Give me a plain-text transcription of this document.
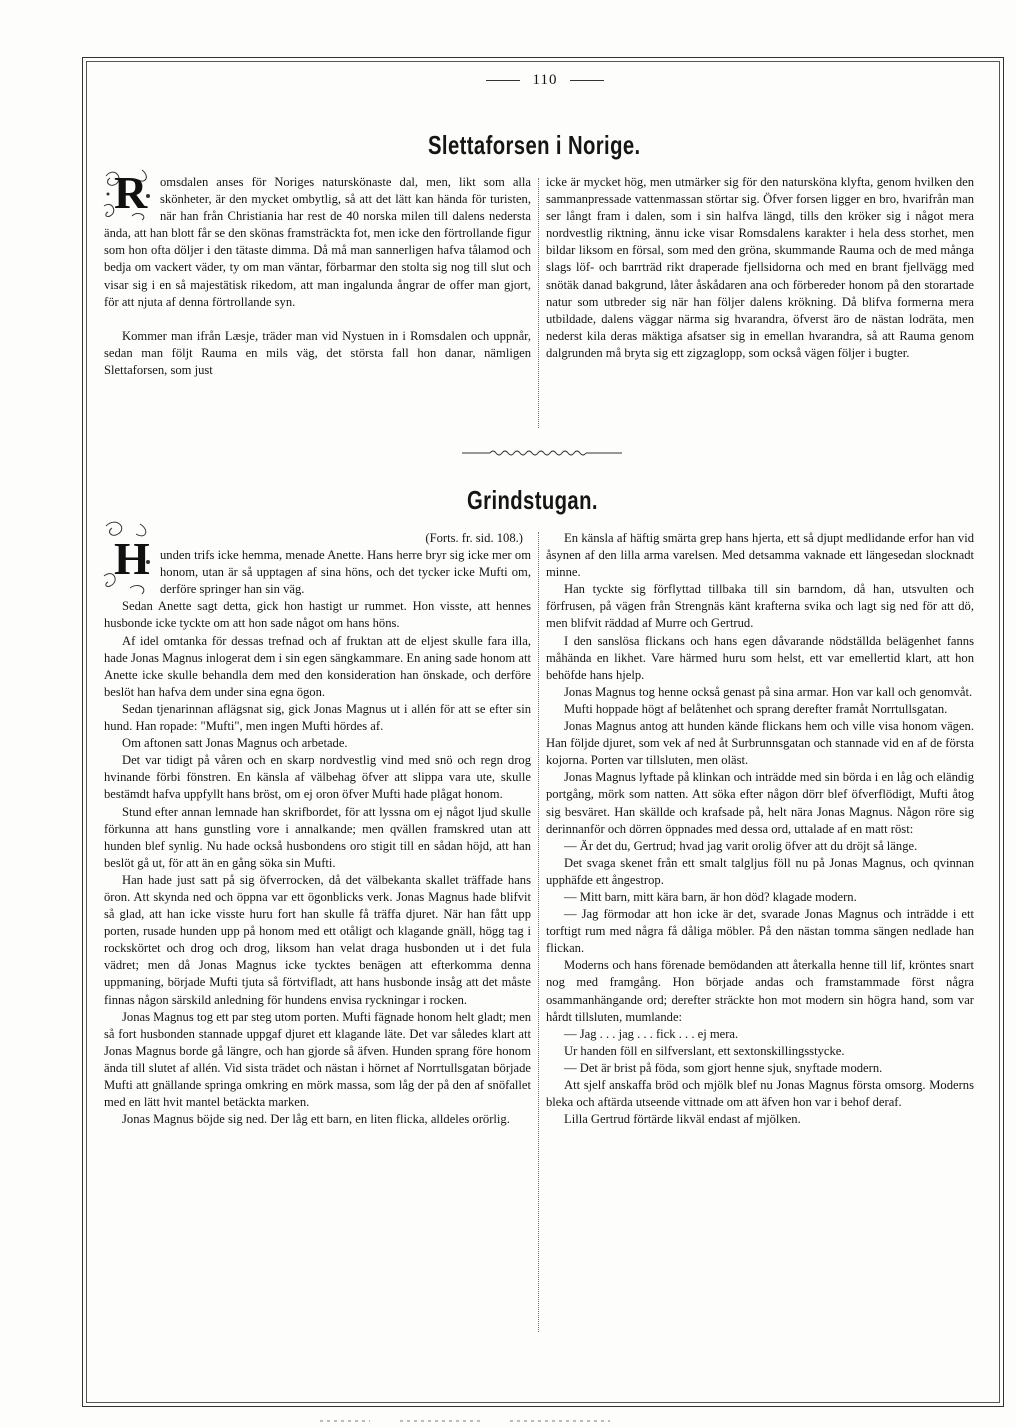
110
Slettaforsen i Norige.

R omsdalen anses för Noriges naturskönaste dal, men, likt som alla skönheter, är den mycket ombytlig, så att det lätt kan hända för turisten, när han från Christiania har rest de 40 norska milen till dalens nedersta ända, att han blott får se den skönas framsträckta fot, men icke den förtrollande figur som hon ofta döljer i den tätaste dimma. Då må man sannerligen hafva tålamod och bedja om vackert väder, ty om man väntar, förbarmar den stolta sig nog till slut och visar sig i en så majestätisk rikedom, att man ingalunda ångrar de offer man gjort, för att njuta af denna förtrollande syn.

Kommer man ifrån Læsje, träder man vid Nystuen in i Romsdalen och uppnår, sedan man följt Rauma en mils väg, det största fall hon danar, nämligen Slettaforsen, som just

icke är mycket hög, men utmärker sig för den natursköna klyfta, genom hvilken den sammanpressade vattenmassan störtar sig. Öfver forsen ligger en bro, hvarifrån man ser långt fram i dalen, som i sin halfva längd, tills den kröker sig i något mera nordvestlig riktning, ännu icke visar Romsdalens karakter i hela dess storhet, men bildar liksom en försal, som med den gröna, skummande Rauma och de med många slags löf- och barrträd rikt draperade fjellsidorna och med en brant fjellvägg med snötäk danad bakgrund, låter åskådaren ana och förbereder honom på den storartade natur som utbreder sig när han följer dalens krökning. Då blifva formerna mera utbildade, dalens väggar närma sig hvarandra, öfverst äro de nästan lodräta, men nederst kila deras mäktiga afsatser sig in emellan hvarandra, så att Rauma genom dalgrunden må bryta sig ett zigzaglopp, som också vägen följer i bugter.

Grindstugan.

H	(Forts. fr. sid. 108.)
unden trifs icke hemma, menade Anette. Hans herre bryr sig icke mer om honom, utan är så upptagen af sina höns, och det tycker icke Mufti om, derföre springer han sin väg.

Sedan Anette sagt detta, gick hon hastigt ur rummet. Hon visste, att hennes husbonde icke tyckte om att hon sade något om hans höns.

Af idel omtanka för dessas trefnad och af fruktan att de eljest skulle fara illa, hade Jonas Magnus inlogerat dem i sin egen sängkammare. En aning sade honom att Anette icke skulle behandla dem med den konsideration han önskade, och derföre beslöt han hafva dem under sina egna ögon.

Sedan tjenarinnan aflägsnat sig, gick Jonas Magnus ut i allén för att se efter sin hund. Han ropade: "Mufti", men ingen Mufti hördes af.

Om aftonen satt Jonas Magnus och arbetade.

Det var tidigt på våren och en skarp nordvestlig vind med snö och regn drog hvinande förbi fönstren. En känsla af välbehag öfver att slippa vara ute, skulle bestämdt hafva uppfyllt hans bröst, om ej oron öfver Mufti hade plågat honom.

Stund efter annan lemnade han skrifbordet, för att lyssna om ej något ljud skulle förkunna att hans gunstling vore i annalkande; men qvällen framskred utan att hunden blef synlig. Nu hade också husbondens oro stigit till en sådan höjd, att han beslöt gå ut, för att än en gång söka sin Mufti.

Han hade just satt på sig öfverrocken, då det välbekanta skallet träffade hans öron. Att skynda ned och öppna var ett ögonblicks verk. Jonas Magnus hade blifvit så glad, att han icke visste huru fort han skulle få träffa djuret. När han fått upp porten, rusade hunden upp på honom med ett otåligt och klagande gnäll, högg tag i rockskörtet och drog och drog, liksom han velat draga husbonden ut i det fula vädret; men då Jonas Magnus icke tycktes benägen att efterkomma denna uppmaning, började Mufti tjuta så förtvifladt, att hans husbonde insåg att det måste finnas någon särskild anledning för hundens envisa ryckningar i rocken.

Jonas Magnus tog ett par steg utom porten. Mufti fägnade honom helt gladt; men så fort husbonden stannade uppgaf djuret ett klagande läte. Det var således klart att Jonas Magnus borde gå längre, och han gjorde så äfven. Hunden sprang före honom ända till slutet af allén. Vid sista trädet och nästan i hörnet af Norrtullsgatan började Mufti att gnällande springa omkring en mörk massa, som låg der på den af snöfallet med en lätt hvit mantel betäckta marken.

Jonas Magnus böjde sig ned. Der låg ett barn, en liten flicka, alldeles orörlig.

En känsla af häftig smärta grep hans hjerta, ett så djupt medlidande erfor han vid åsynen af den lilla arma varelsen. Med detsamma vaknade ett längesedan slocknadt minne.

Han tyckte sig förflyttad tillbaka till sin barndom, då han, utsvulten och förfrusen, på vägen från Strengnäs känt krafterna svika och lagt sig ned för att dö, men blifvit räddad af Murre och Gertrud.

I den sanslösa flickans och hans egen dåvarande nödställda belägenhet fanns måhända en likhet. Vare härmed huru som helst, ett var emellertid klart, att hon behöfde hans hjelp.

Jonas Magnus tog henne också genast på sina armar. Hon var kall och genomvåt.

Mufti hoppade högt af belåtenhet och sprang derefter framåt Norrtullsgatan.

Jonas Magnus antog att hunden kände flickans hem och ville visa honom vägen. Han följde djuret, som vek af ned åt Surbrunnsgatan och stannade vid en af de första kojorna. Porten var tillsluten, men oläst.

Jonas Magnus lyftade på klinkan och inträdde med sin börda i en låg och eländig portgång, mörk som natten. Att söka efter någon dörr blef öfverflödigt, Mufti åtog sig besväret. Han skällde och krafsade på, helt nära Jonas Magnus. Någon röre sig derinnanför och dörren öppnades med dessa ord, uttalade af en matt röst:

— Är det du, Gertrud; hvad jag varit orolig öfver att du dröjt så länge.

Det svaga skenet från ett smalt talgljus föll nu på Jonas Magnus, och qvinnan upphäfde ett ångestrop.

— Mitt barn, mitt kära barn, är hon död? klagade modern.

— Jag förmodar att hon icke är det, svarade Jonas Magnus och inträdde i ett torftigt rum med några få dåliga möbler. På den nästan tomma sängen nedlade han flickan.

Moderns och hans förenade bemödanden att återkalla henne till lif, kröntes snart nog med framgång. Hon började andas och framstammade först några osammanhängande ord; derefter sträckte hon mot modern sin högra hand, som var hårdt tillsluten, mumlande:

— Jag . . . jag . . . fick . . . ej mera.

Ur handen föll en silfverslant, ett sextonskillingsstycke.

— Det är brist på föda, som gjort henne sjuk, snyftade modern.

Att sjelf anskaffa bröd och mjölk blef nu Jonas Magnus första omsorg. Moderns bleka och aftärda utseende vittnade om att äfven hon var i behof deraf.

Lilla Gertrud förtärde likväl endast af mjölken.
